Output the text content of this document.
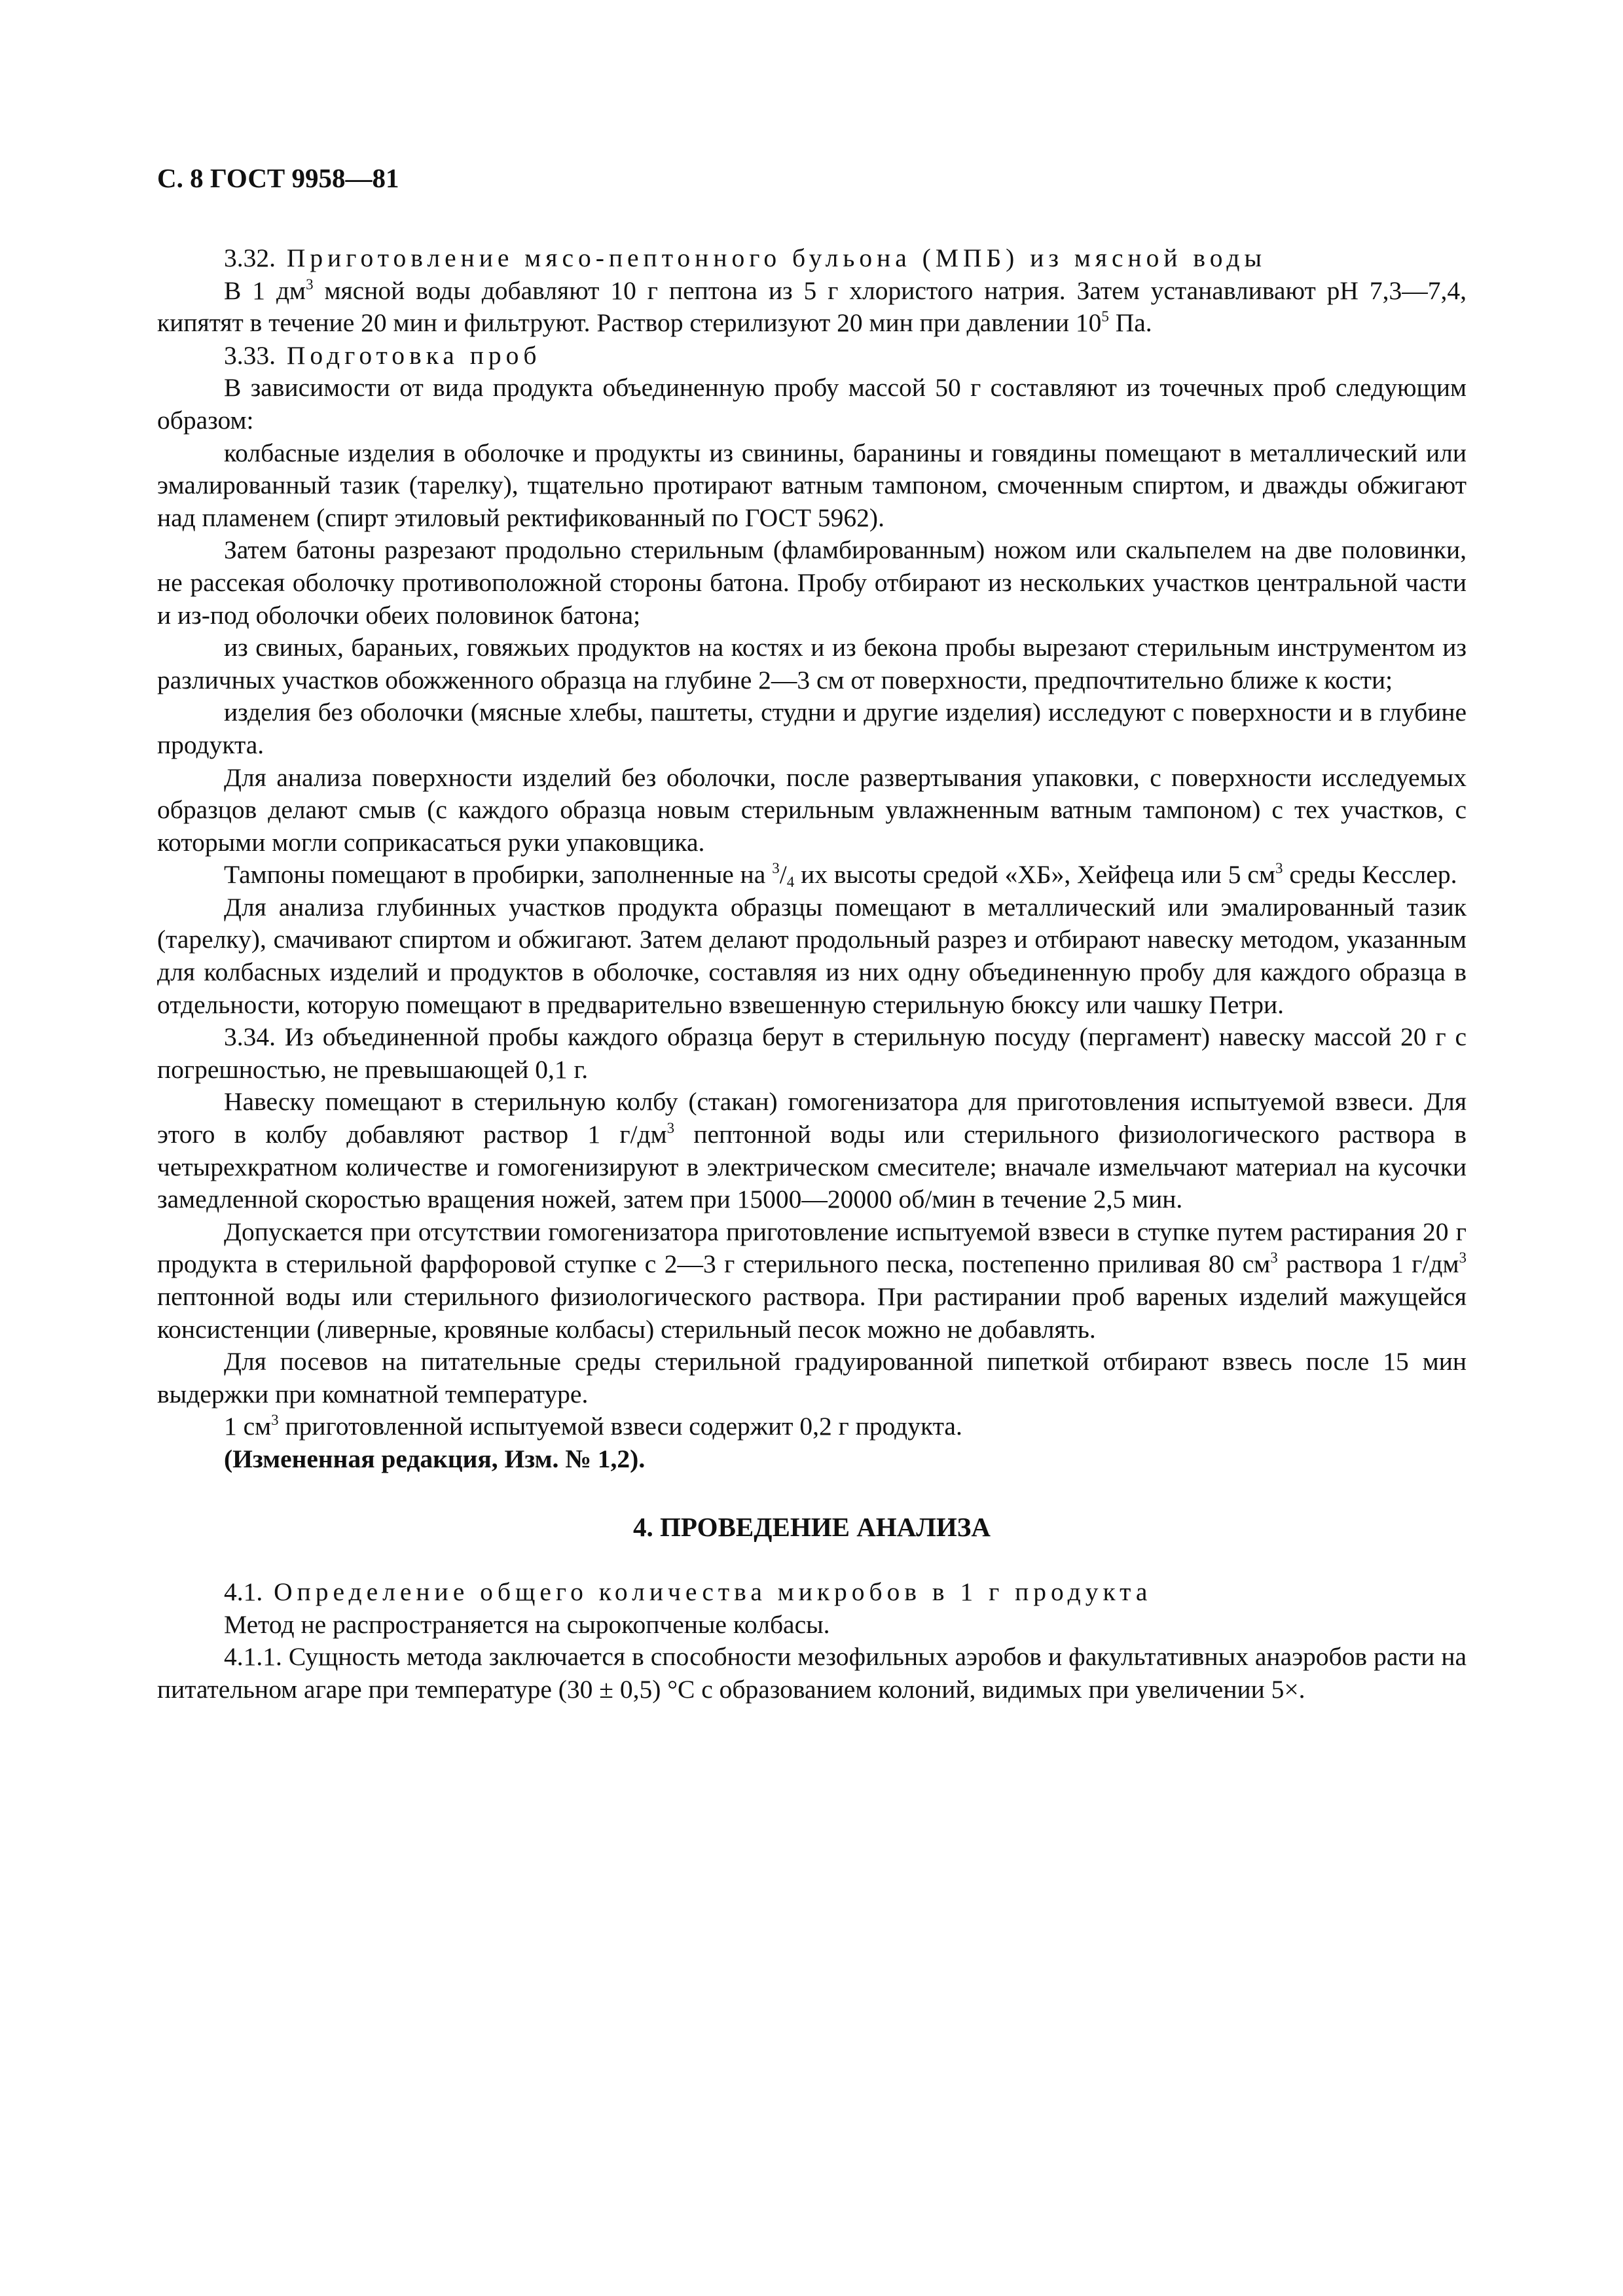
С. 8 ГОСТ 9958—81

3.32. Приготовление мясо-пептонного бульона (МПБ) из мясной воды

В 1 $дм^3$ мясной воды добавляют 10 г пептона из 5 г хлористого натрия. Затем устанавливают pH 7,3—7,4, кипятят в течение 20 мин и фильтруют. Раствор стерилизуют 20 мин при давлении $10^5$ Па.

3.33. Подготовка проб

В зависимости от вида продукта объединенную пробу массой 50 г составляют из точечных проб следующим образом:

колбасные изделия в оболочке и продукты из свинины, баранины и говядины помещают в металлический или эмалированный тазик (тарелку), тщательно протирают ватным тампоном, смоченным спиртом, и дважды обжигают над пламенем (спирт этиловый ректификованный по ГОСТ 5962).

Затем батоны разрезают продольно стерильным (фламбированным) ножом или скальпелем на две половинки, не рассекая оболочку противоположной стороны батона. Пробу отбирают из нескольких участков центральной части и из-под оболочки обеих половинок батона;

из свиных, бараньих, говяжьих продуктов на костях и из бекона пробы вырезают стерильным инструментом из различных участков обожженного образца на глубине 2—3 см от поверхности, предпочтительно ближе к кости;

изделия без оболочки (мясные хлебы, паштеты, студни и другие изделия) исследуют с поверхности и в глубине продукта.

Для анализа поверхности изделий без оболочки, после развертывания упаковки, с поверхности исследуемых образцов делают смыв (с каждого образца новым стерильным увлажненным ватным тампоном) с тех участков, с которыми могли соприкасаться руки упаковщика.

Тампоны помещают в пробирки, заполненные на $^3/_4$ их высоты средой «ХБ», Хейфеца или 5 $см^3$ среды Кесслер.

Для анализа глубинных участков продукта образцы помещают в металлический или эмалированный тазик (тарелку), смачивают спиртом и обжигают. Затем делают продольный разрез и отбирают навеску методом, указанным для колбасных изделий и продуктов в оболочке, составляя из них одну объединенную пробу для каждого образца в отдельности, которую помещают в предварительно взвешенную стерильную бюксу или чашку Петри.

3.34. Из объединенной пробы каждого образца берут в стерильную посуду (пергамент) навеску массой 20 г с погрешностью, не превышающей 0,1 г.

Навеску помещают в стерильную колбу (стакан) гомогенизатора для приготовления испытуемой взвеси. Для этого в колбу добавляют раствор 1 $г/дм^3$ пептонной воды или стерильного физиологического раствора в четырехкратном количестве и гомогенизируют в электрическом смесителе; вначале измельчают материал на кусочки замедленной скоростью вращения ножей, затем при 15000—20000 об/мин в течение 2,5 мин.

Допускается при отсутствии гомогенизатора приготовление испытуемой взвеси в ступке путем растирания 20 г продукта в стерильной фарфоровой ступке с 2—3 г стерильного песка, постепенно приливая 80 $см^3$ раствора 1 $г/дм^3$ пептонной воды или стерильного физиологического раствора. При растирании проб вареных изделий мажущейся консистенции (ливерные, кровяные колбасы) стерильный песок можно не добавлять.

Для посевов на питательные среды стерильной градуированной пипеткой отбирают взвесь после 15 мин выдержки при комнатной температуре.

1 $см^3$ приготовленной испытуемой взвеси содержит 0,2 г продукта.

(Измененная редакция, Изм. № 1,2).

4. ПРОВЕДЕНИЕ АНАЛИЗА

4.1. Определение общего количества микробов в 1 г продукта

Метод не распространяется на сырокопченые колбасы.

4.1.1. Сущность метода заключается в способности мезофильных аэробов и факультативных анаэробов расти на питательном агаре при температуре (30 ± 0,5) °С с образованием колоний, видимых при увеличении 5×.
